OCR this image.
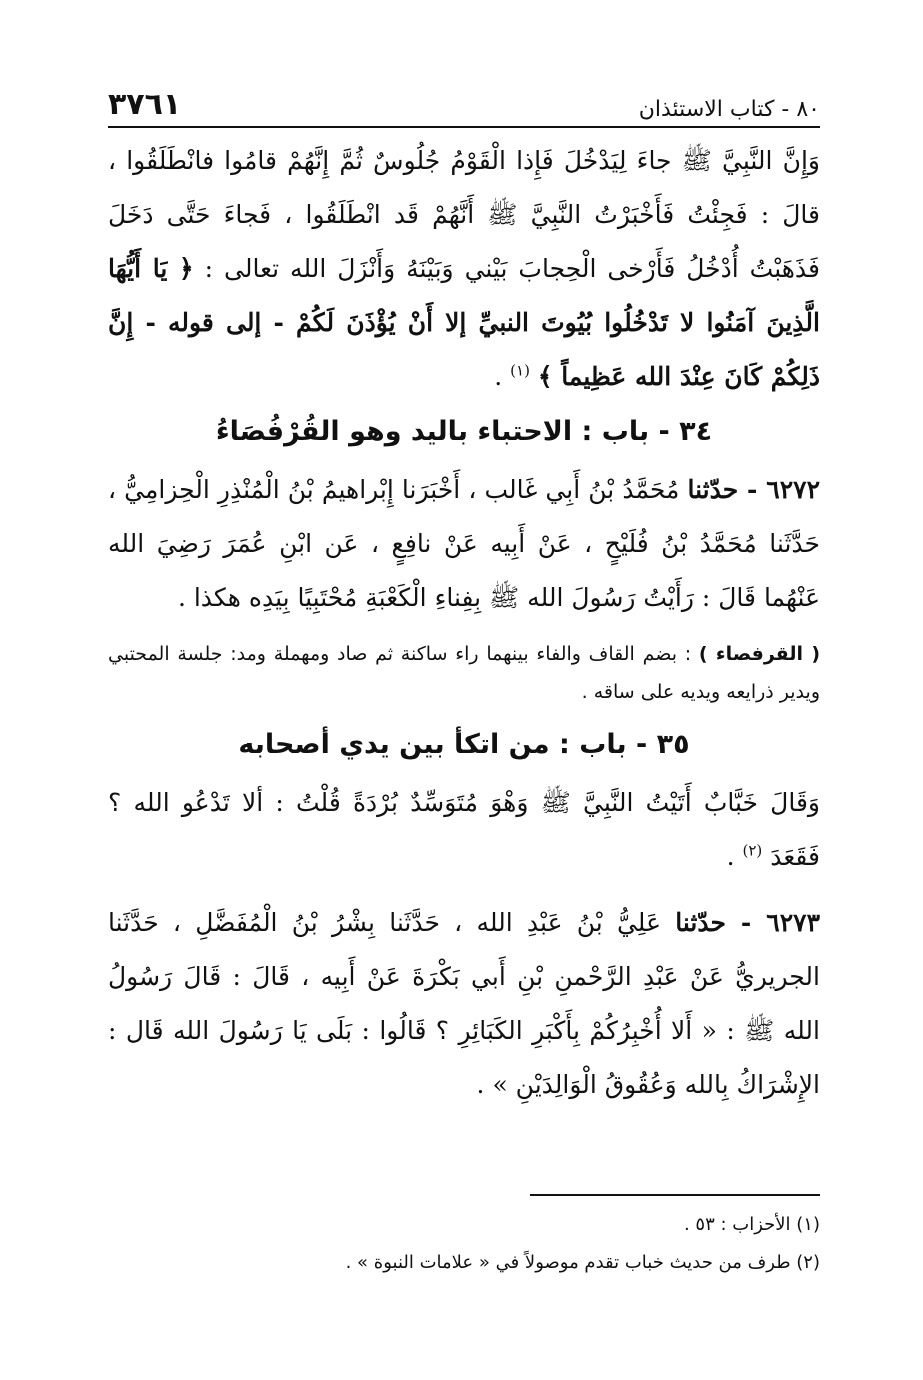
٨٠ - كتاب الاستئذان
٣٧٦١

وَإِنَّ النَّبِيَّ ﷺ جاءَ لِيَدْخُلَ فَإِذا الْقَوْمُ جُلُوسٌ ثُمَّ إِنَّهُمْ قامُوا فانْطَلَقُوا ، قالَ : فَجِئْتُ فَأَخْبَرْتُ النَّبِيَّ ﷺ أَنَّهُمْ قَد انْطَلَقُوا ، فَجاءَ حَتَّى دَخَلَ فَذَهَبْتُ أُدْخُلُ فَأَرْخى الْحِجابَ بَيْني وَبَيْنَهُ وَأَنْزَلَ الله تعالى : ﴿ يَا أَيُّهَا الَّذِينَ آمَنُوا لا تَدْخُلُوا بُيُوتَ النبيِّ إلا أَنْ يُؤْذَنَ لَكُمْ - إلى قوله - إِنَّ ذَلِكُمْ كَانَ عِنْدَ الله عَظِيماً ﴾ $^{(١)}$ .

٣٤ - باب : الاحتباء باليد وهو القُرْفُصَاءُ

٦٢٧٢ - حدّثنا مُحَمَّدُ بْنُ أَبِي غَالب ، أَخْبَرَنا إِبْراهيمُ بْنُ الْمُنْذِرِ الْحِزامِيُّ ، حَدَّثَنا مُحَمَّدُ بْنُ فُلَيْحٍ ، عَنْ أَبِيه عَنْ نافِعٍ ، عَن ابْنِ عُمَرَ رَضِيَ الله عَنْهُما قَالَ : رَأَيْتُ رَسُولَ الله ﷺ بِفِناءِ الْكَعْبَةِ مُحْتَبِيًا بِيَدِه هكذا .

( القرفصاء ) : بضم القاف والفاء بينهما راء ساكنة ثم صاد ومهملة ومد: جلسة المحتبي ويدير ذرايعه ويديه على ساقه .

٣٥ - باب : من اتكأ بين يدي أصحابه

وَقَالَ خَبَّابٌ أَتَيْتُ النَّبِيَّ ﷺ وَهْوَ مُتَوَسِّدٌ بُرْدَةً قُلْتُ : ألا تَدْعُو الله ؟ فَقَعَدَ $^{(٢)}$ .

٦٢٧٣ - حدّثنا عَلِيُّ بْنُ عَبْدِ الله ، حَدَّثَنا بِشْرُ بْنُ الْمُفَضَّلِ ، حَدَّثَنا الجريريُّ عَنْ عَبْدِ الرَّحْمنِ بْنِ أَبي بَكْرَةَ عَنْ أَبِيه ، قَالَ : قَالَ رَسُولُ الله ﷺ : « أَلا أُخْبِرُكُمْ بِأَكْبَرِ الكَبَائِرِ ؟ قَالُوا : بَلَى يَا رَسُولَ الله قَال : الإِشْرَاكُ بِالله وَعُقُوقُ الْوَالِدَيْنِ » .

(١) الأحزاب : ٥٣ .

(٢) طرف من حديث خباب تقدم موصولاً في « علامات النبوة » .
